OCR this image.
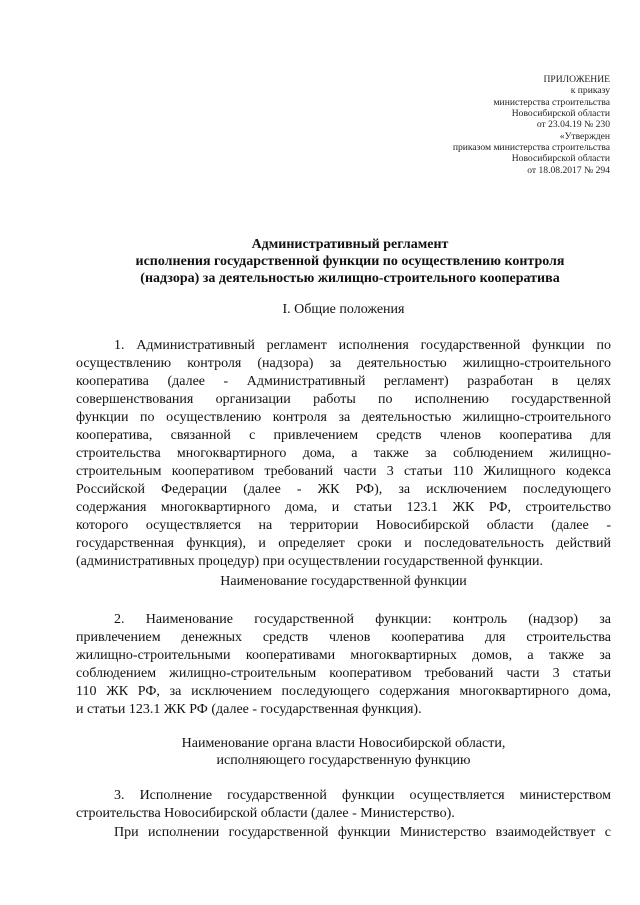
ПРИЛОЖЕНИЕ
к приказу
министерства строительства
Новосибирской области
от 23.04.19 № 230
«Утвержден
приказом министерства строительства
Новосибирской области
от 18.08.2017 № 294
Административный регламент
исполнения государственной функции по осуществлению контроля
(надзора) за деятельностью жилищно-строительного кооператива
I. Общие положения
1. Административный регламент исполнения государственной функции по
осуществлению контроля (надзора) за деятельностью жилищно-строительного
кооператива (далее - Административный регламент) разработан в целях
совершенствования организации работы по исполнению государственной
функции по осуществлению контроля за деятельностью жилищно-строительного
кооператива, связанной с привлечением средств членов кооператива для
строительства многоквартирного дома, а также за соблюдением жилищно-
строительным кооперативом требований части 3 статьи 110 Жилищного кодекса
Российской Федерации (далее - ЖК РФ), за исключением последующего
содержания многоквартирного дома, и статьи 123.1 ЖК РФ, строительство
которого осуществляется на территории Новосибирской области (далее -
государственная функция), и определяет сроки и последовательность действий
(административных процедур) при осуществлении государственной функции.
Наименование государственной функции
2. Наименование государственной функции: контроль (надзор) за
привлечением денежных средств членов кооператива для строительства
жилищно-строительными кооперативами многоквартирных домов, а также за
соблюдением жилищно-строительным кооперативом требований части 3 статьи
110 ЖК РФ, за исключением последующего содержания многоквартирного дома,
и статьи 123.1 ЖК РФ (далее - государственная функция).
Наименование органа власти Новосибирской области,
исполняющего государственную функцию
3. Исполнение государственной функции осуществляется министерством
строительства Новосибирской области (далее - Министерство).
При исполнении государственной функции Министерство взаимодействует с
